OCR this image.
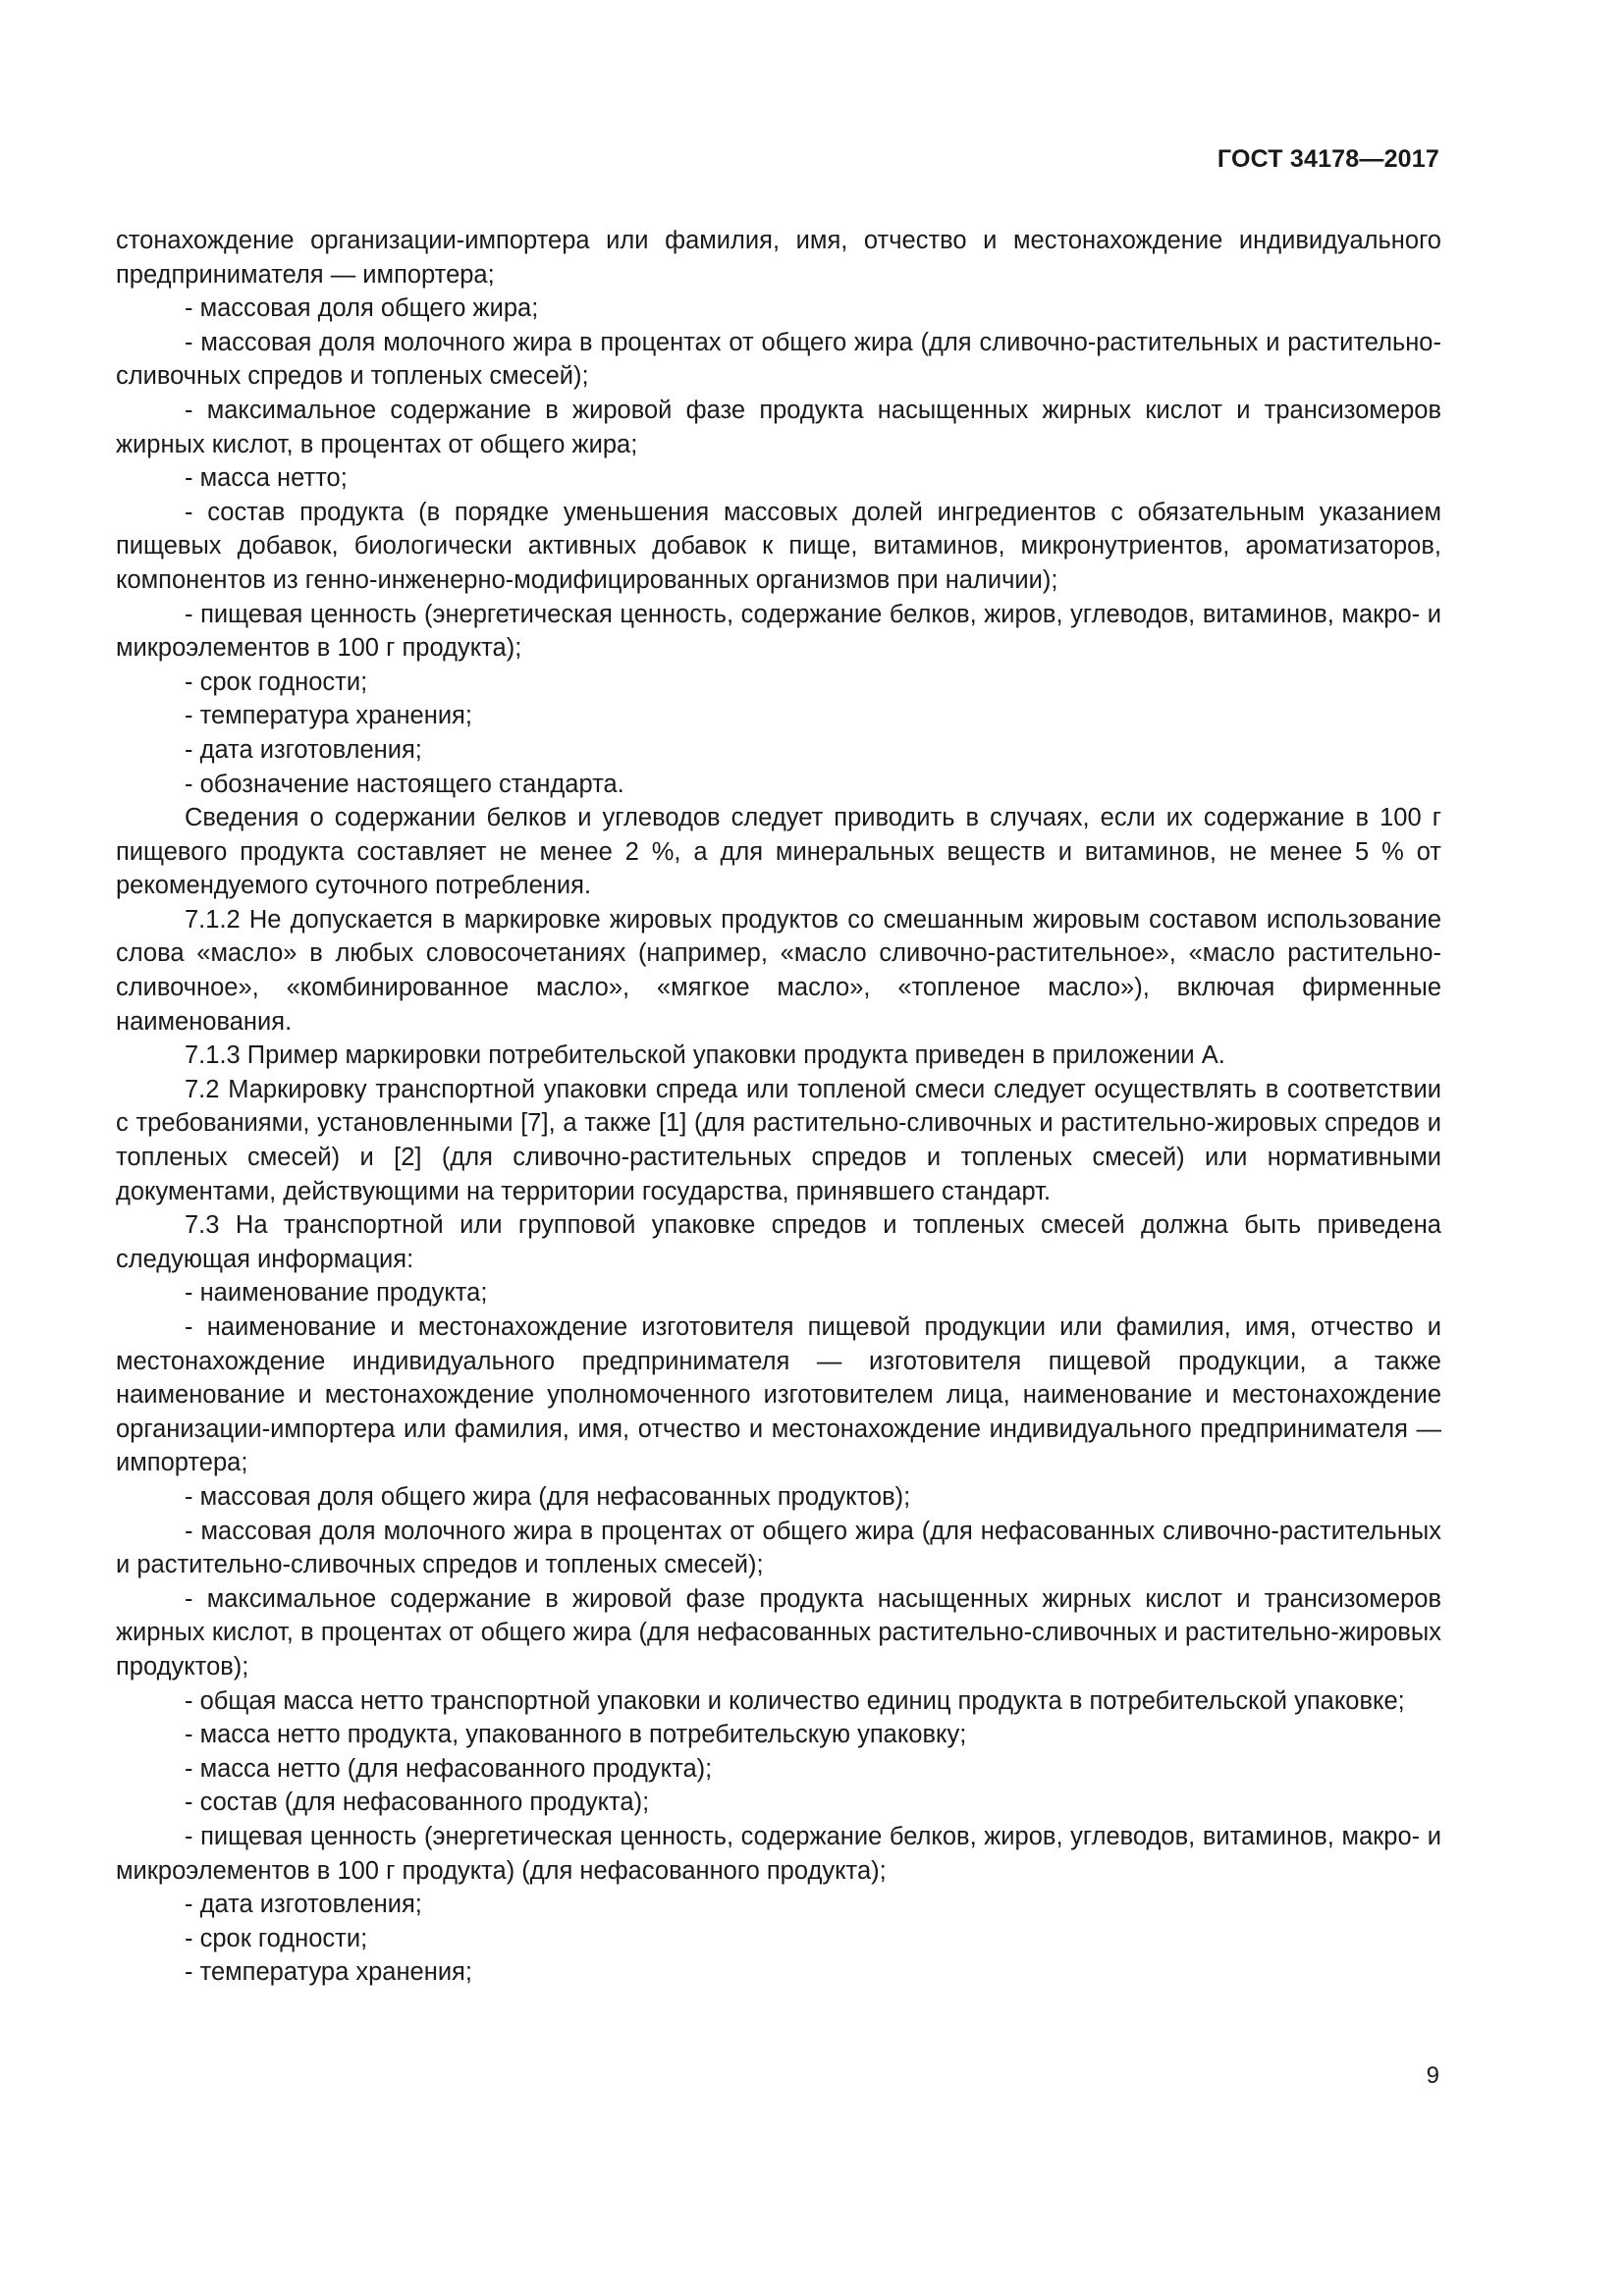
ГОСТ 34178—2017

стонахождение организации-импортера или фамилия, имя, отчество и местонахождение индивидуального предпринимателя — импортера;

- массовая доля общего жира;

- массовая доля молочного жира в процентах от общего жира (для сливочно-растительных и растительно-сливочных спредов и топленых смесей);

- максимальное содержание в жировой фазе продукта насыщенных жирных кислот и трансизомеров жирных кислот, в процентах от общего жира;

- масса нетто;

- состав продукта (в порядке уменьшения массовых долей ингредиентов с обязательным указанием пищевых добавок, биологически активных добавок к пище, витаминов, микронутриентов, ароматизаторов, компонентов из генно-инженерно-модифицированных организмов при наличии);

- пищевая ценность (энергетическая ценность, содержание белков, жиров, углеводов, витаминов, макро- и микроэлементов в 100 г продукта);

- срок годности;

- температура хранения;

- дата изготовления;

- обозначение настоящего стандарта.

Сведения о содержании белков и углеводов следует приводить в случаях, если их содержание в 100 г пищевого продукта составляет не менее 2 %, а для минеральных веществ и витаминов, не менее 5 % от рекомендуемого суточного потребления.

7.1.2 Не допускается в маркировке жировых продуктов со смешанным жировым составом использование слова «масло» в любых словосочетаниях (например, «масло сливочно-растительное», «масло растительно-сливочное», «комбинированное масло», «мягкое масло», «топленое масло»), включая фирменные наименования.

7.1.3 Пример маркировки потребительской упаковки продукта приведен в приложении А.

7.2 Маркировку транспортной упаковки спреда или топленой смеси следует осуществлять в соответствии с требованиями, установленными [7], а также [1] (для растительно-сливочных и растительно-жировых спредов и топленых смесей) и [2] (для сливочно-растительных спредов и топленых смесей) или нормативными документами, действующими на территории государства, принявшего стандарт.

7.3 На транспортной или групповой упаковке спредов и топленых смесей должна быть приведена следующая информация:

- наименование продукта;

- наименование и местонахождение изготовителя пищевой продукции или фамилия, имя, отчество и местонахождение индивидуального предпринимателя — изготовителя пищевой продукции, а также наименование и местонахождение уполномоченного изготовителем лица, наименование и местонахождение организации-импортера или фамилия, имя, отчество и местонахождение индивидуального предпринимателя — импортера;

- массовая доля общего жира (для нефасованных продуктов);

- массовая доля молочного жира в процентах от общего жира (для нефасованных сливочно-растительных и растительно-сливочных спредов и топленых смесей);

- максимальное содержание в жировой фазе продукта насыщенных жирных кислот и трансизомеров жирных кислот, в процентах от общего жира (для нефасованных растительно-сливочных и растительно-жировых продуктов);

- общая масса нетто транспортной упаковки и количество единиц продукта в потребительской упаковке;

- масса нетто продукта, упакованного в потребительскую упаковку;

- масса нетто (для нефасованного продукта);

- состав (для нефасованного продукта);

- пищевая ценность (энергетическая ценность, содержание белков, жиров, углеводов, витаминов, макро- и микроэлементов в 100 г продукта) (для нефасованного продукта);

- дата изготовления;

- срок годности;

- температура хранения;

9
